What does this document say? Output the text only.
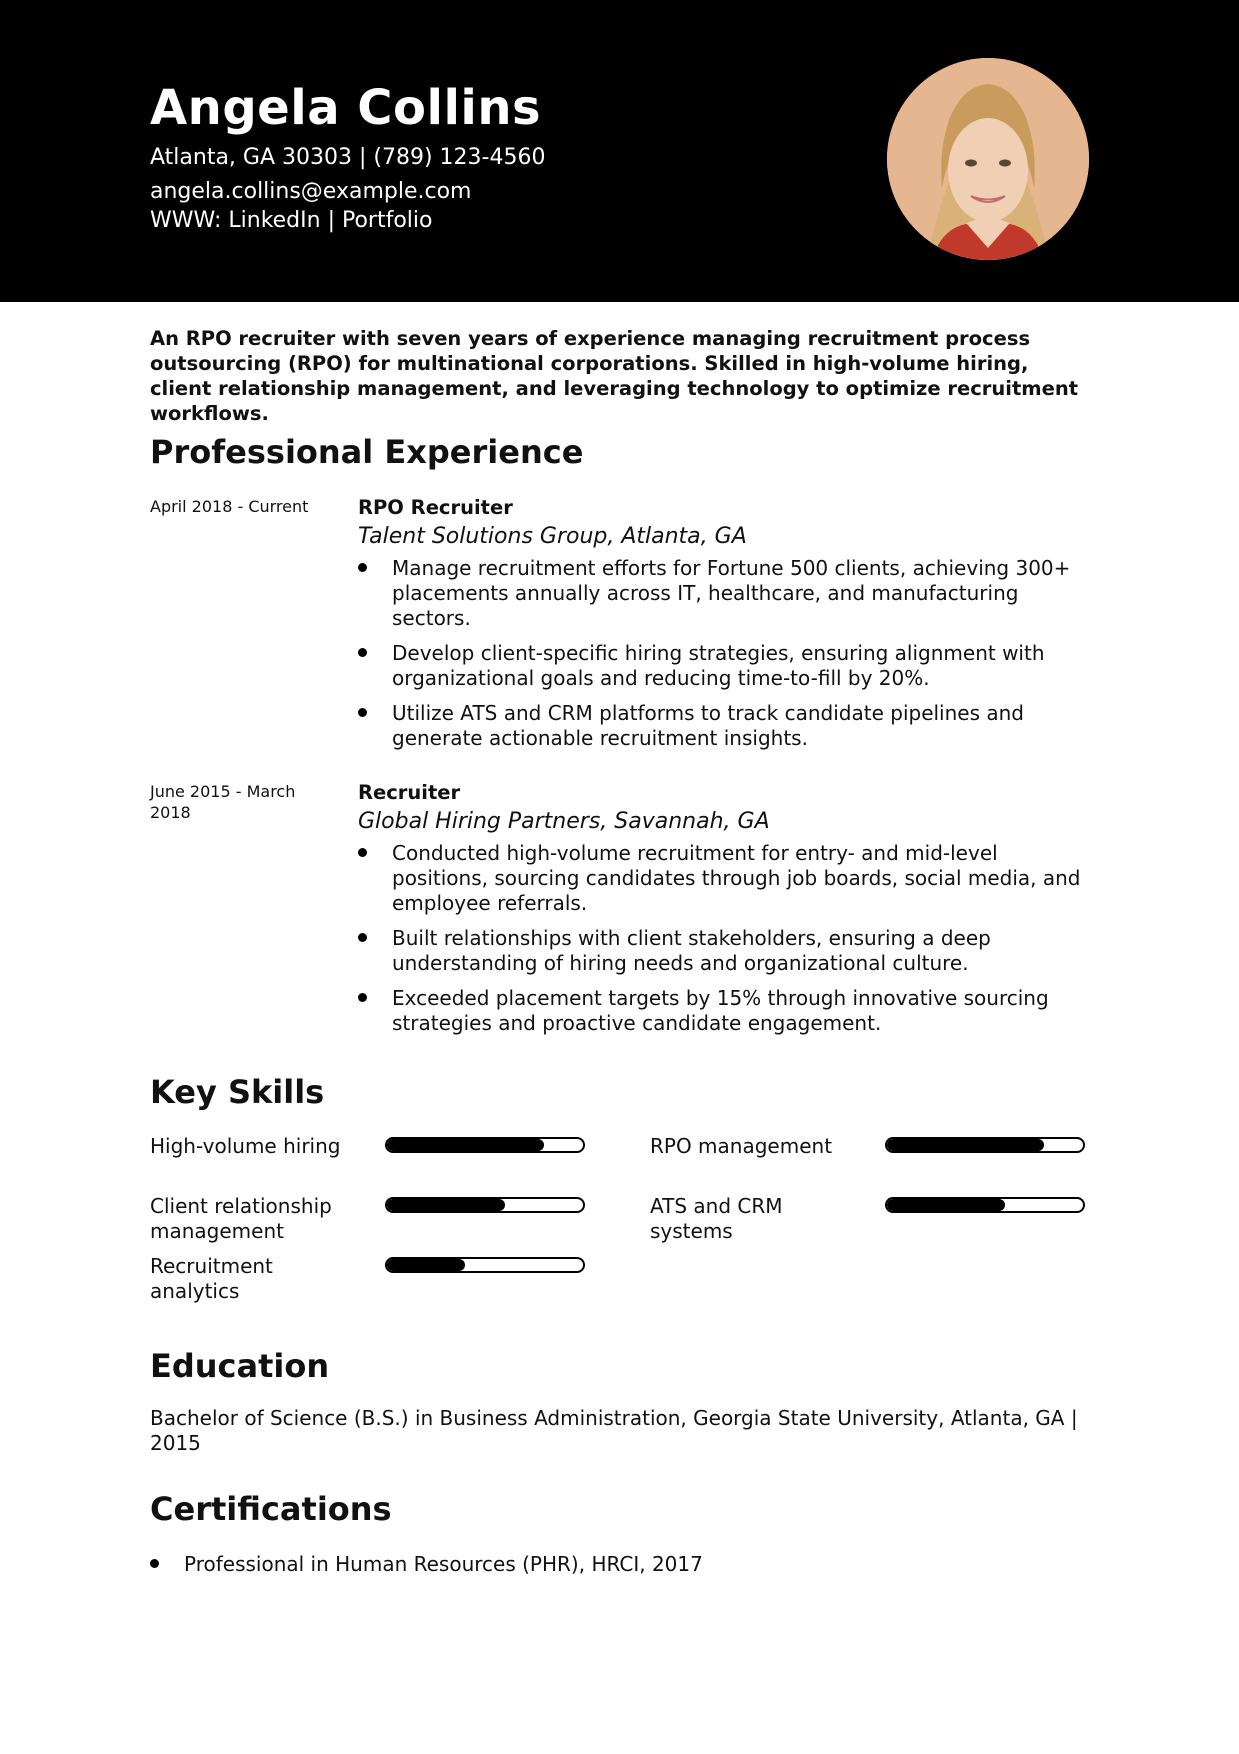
Angela Collins
Atlanta, GA 30303 | (789) 123-4560
angela.collins@example.com
WWW: LinkedIn | Portfolio

An RPO recruiter with seven years of experience managing recruitment process outsourcing (RPO) for multinational corporations. Skilled in high-volume hiring, client relationship management, and leveraging technology to optimize recruitment workflows.

Professional Experience
April 2018 - Current	RPO Recruiter

Talent Solutions Group, Atlanta, GA

Manage recruitment efforts for Fortune 500 clients, achieving 300+ placements annually across IT, healthcare, and manufacturing sectors.
Develop client-specific hiring strategies, ensuring alignment with organizational goals and reducing time-to-fill by 20%.
Utilize ATS and CRM platforms to track candidate pipelines and generate actionable recruitment insights.
June 2015 - March 2018

Recruiter

Global Hiring Partners, Savannah, GA

Conducted high-volume recruitment for entry- and mid-level positions, sourcing candidates through job boards, social media, and employee referrals.
Built relationships with client stakeholders, ensuring a deep understanding of hiring needs and organizational culture.
Exceeded placement targets by 15% through innovative sourcing strategies and proactive candidate engagement.
Key Skills
High-volume hiring	RPO management
Client relationship management
ATS and CRM systems
Recruitment analytics
Education

Bachelor of Science (B.S.) in Business Administration, Georgia State University, Atlanta, GA | 2015

Certifications
Professional in Human Resources (PHR), HRCI, 2017
